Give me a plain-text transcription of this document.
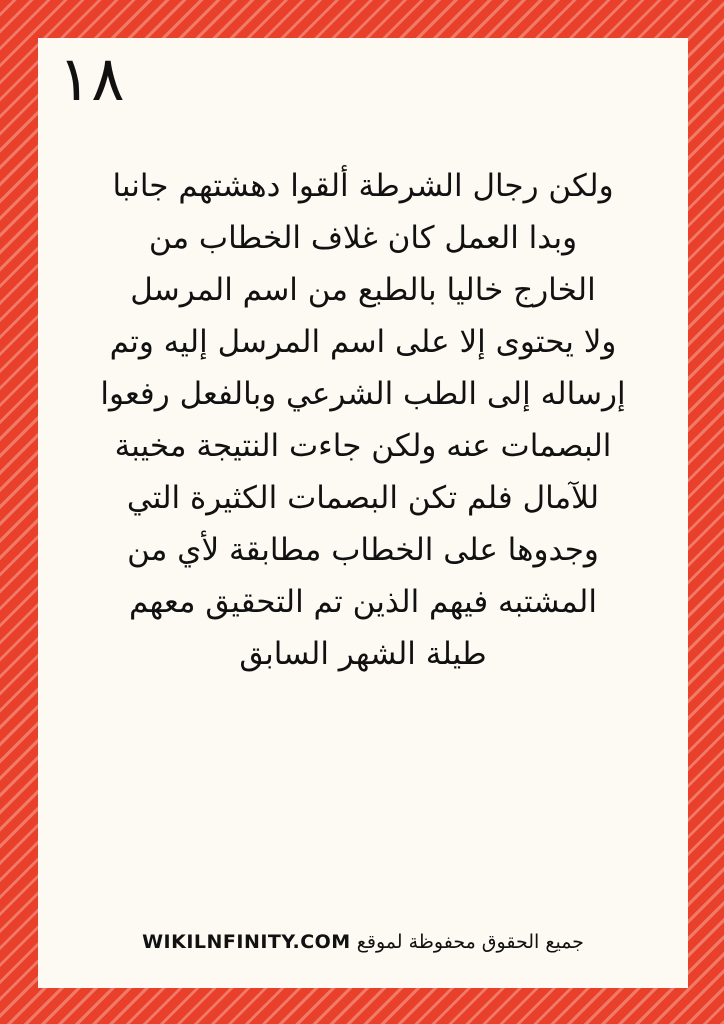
١٨
ولكن رجال الشرطة ألقوا دهشتهم جانبا
وبدا العمل كان غلاف الخطاب من
الخارج خاليا بالطبع من اسم المرسل
ولا يحتوى إلا على اسم المرسل إليه وتم
إرساله إلى الطب الشرعي وبالفعل رفعوا
البصمات عنه ولكن جاءت النتيجة مخيبة
للآمال فلم تكن البصمات الكثيرة التي
وجدوها على الخطاب مطابقة لأي من
المشتبه فيهم الذين تم التحقيق معهم
طيلة الشهر السابق
WIKILNFINITY.COM جميع الحقوق محفوظة لموقع
